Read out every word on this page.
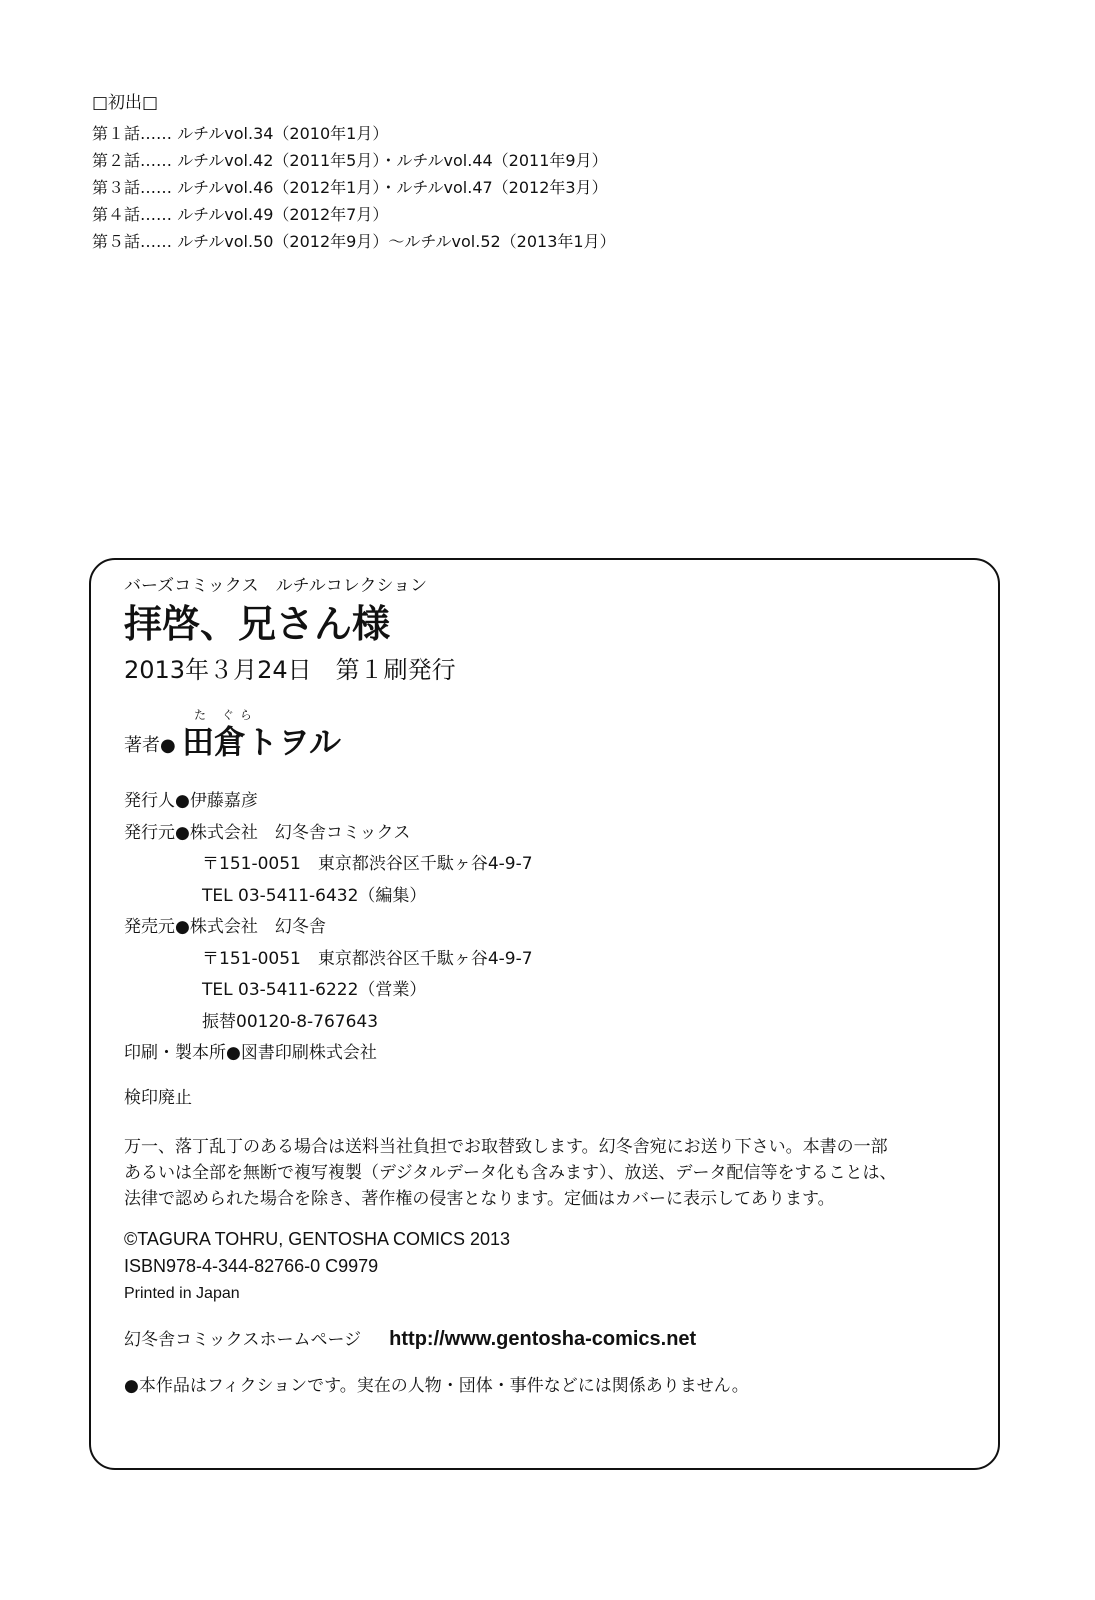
□初出□
第１話…… ルチルvol.34（2010年1月）
第２話…… ルチルvol.42（2011年5月）・ルチルvol.44（2011年9月）
第３話…… ルチルvol.46（2012年1月）・ルチルvol.47（2012年3月）
第４話…… ルチルvol.49（2012年7月）
第５話…… ルチルvol.50（2012年9月）～ルチルvol.52（2013年1月）
バーズコミックス　ルチルコレクション
拝啓、兄さん様
2013年３月24日　第１刷発行
た ぐら
著者● 田倉トヲル
発行人●伊藤嘉彦
発行元●株式会社　幻冬舎コミックス
〒151-0051　東京都渋谷区千駄ヶ谷4-9-7
TEL 03-5411-6432（編集）
発売元●株式会社　幻冬舎
〒151-0051　東京都渋谷区千駄ヶ谷4-9-7
TEL 03-5411-6222（営業）
振替00120-8-767643
印刷・製本所●図書印刷株式会社
検印廃止
万一、落丁乱丁のある場合は送料当社負担でお取替致します。幻冬舎宛にお送り下さい。本書の一部
あるいは全部を無断で複写複製（デジタルデータ化も含みます）、放送、データ配信等をすることは、
法律で認められた場合を除き、著作権の侵害となります。定価はカバーに表示してあります。
©TAGURA TOHRU, GENTOSHA COMICS 2013
ISBN978-4-344-82766-0 C9979
Printed in Japan
幻冬舎コミックスホームページ http://www.gentosha-comics.net
●本作品はフィクションです。実在の人物・団体・事件などには関係ありません。
